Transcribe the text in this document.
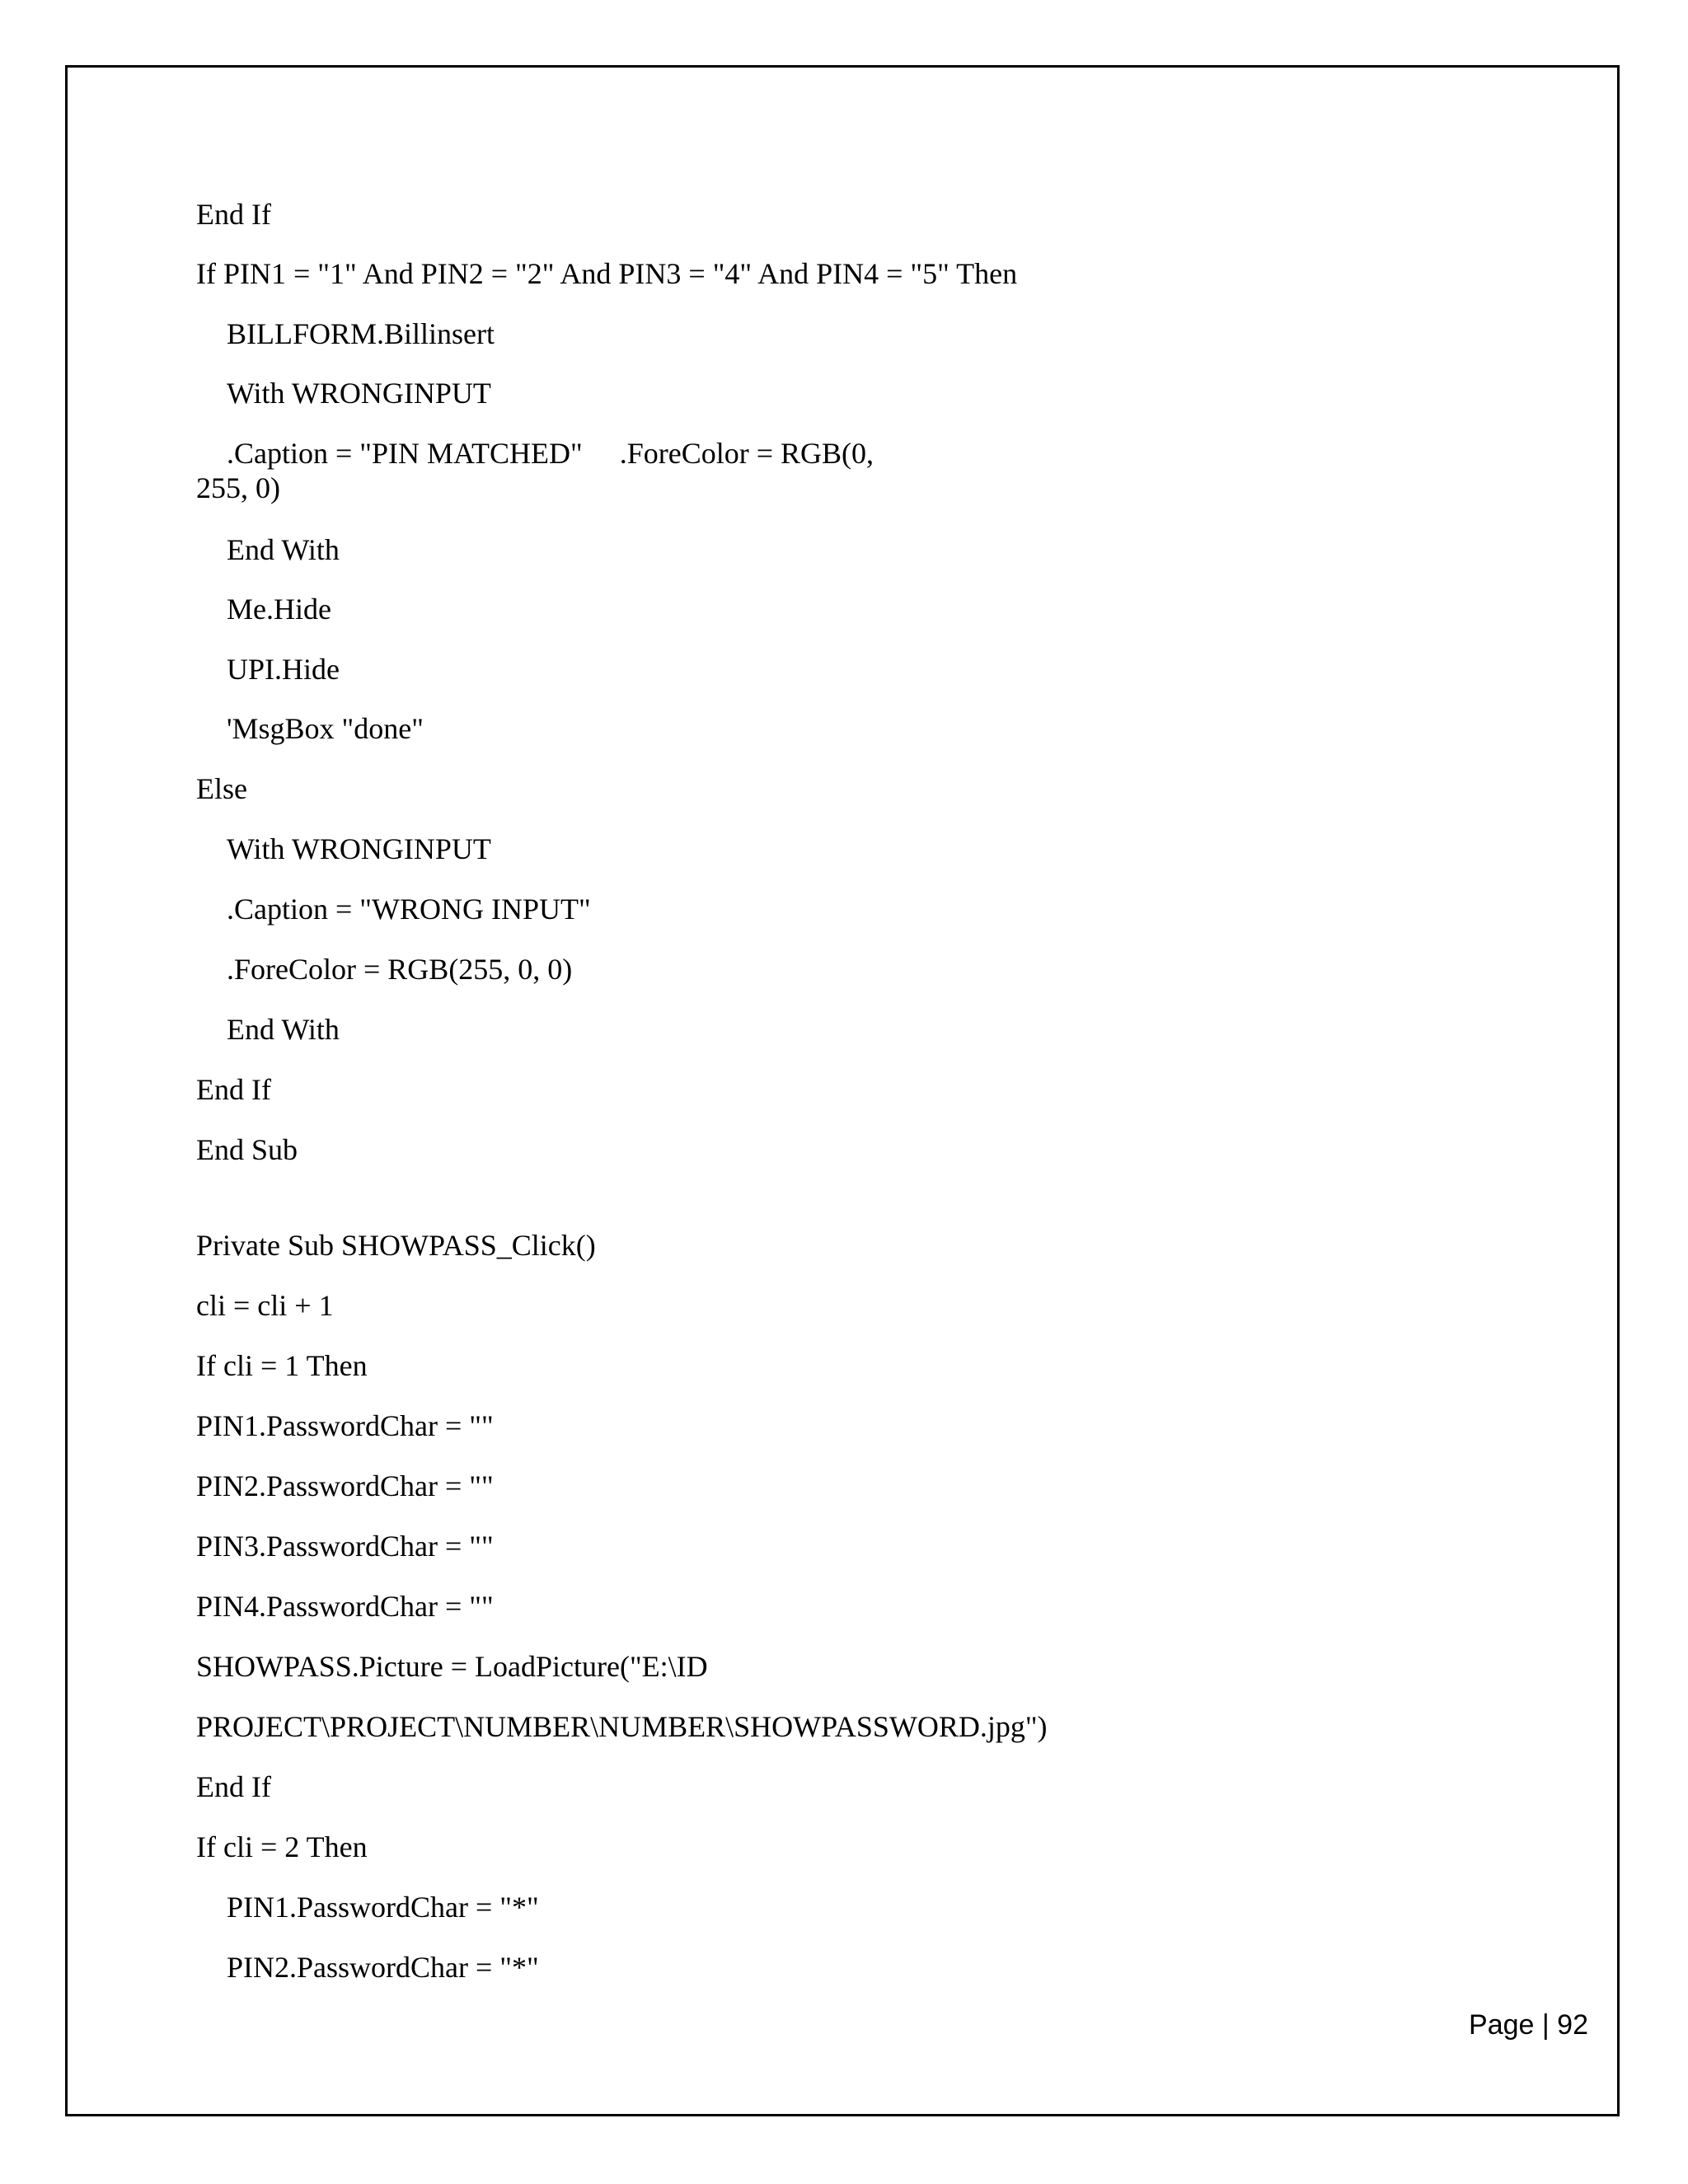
End If
If PIN1 = "1" And PIN2 = "2" And PIN3 = "4" And PIN4 = "5" Then
BILLFORM.Billinsert
With WRONGINPUT
.Caption = "PIN MATCHED"     .ForeColor = RGB(0,
255, 0)
End With
Me.Hide
UPI.Hide
'MsgBox "done"
Else
With WRONGINPUT
.Caption = "WRONG INPUT"
.ForeColor = RGB(255, 0, 0)
End With
End If
End Sub
Private Sub SHOWPASS_Click()
cli = cli + 1
If cli = 1 Then
PIN1.PasswordChar = ""
PIN2.PasswordChar = ""
PIN3.PasswordChar = ""
PIN4.PasswordChar = ""
SHOWPASS.Picture = LoadPicture("E:\ID
PROJECT\PROJECT\NUMBER\NUMBER\SHOWPASSWORD.jpg")
End If
If cli = 2 Then
PIN1.PasswordChar = "*"
PIN2.PasswordChar = "*"
Page | 92
